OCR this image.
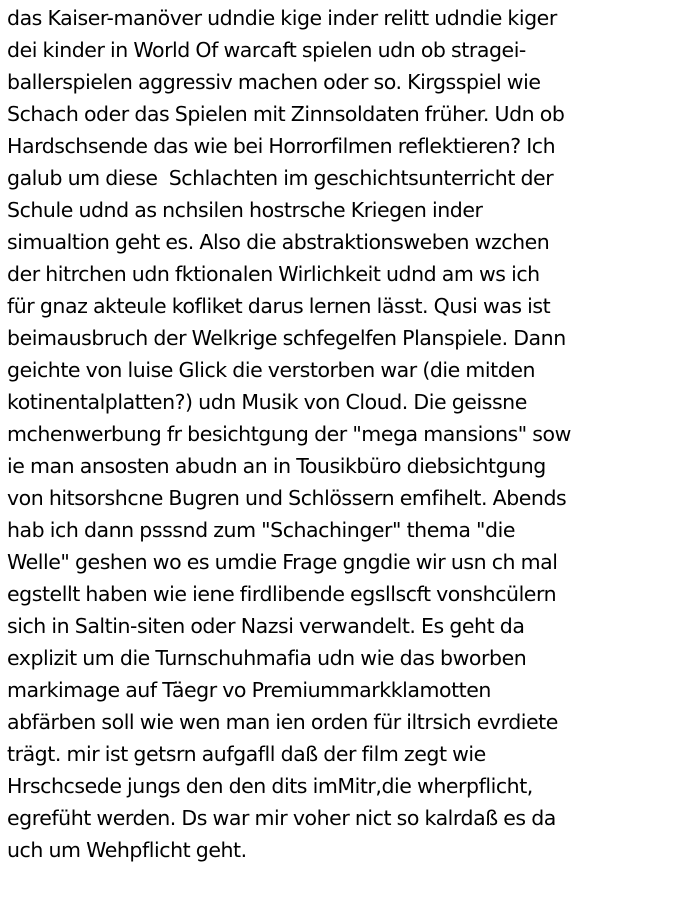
das Kaiser-manöver udndie kige inder relitt udndie kiger
dei kinder in World Of warcaft spielen udn ob stragei-
ballerspielen aggressiv machen oder so. Kirgsspiel wie
Schach oder das Spielen mit Zinnsoldaten früher. Udn ob
Hardschsende das wie bei Horrorfilmen reflektieren? Ich
galub um diese  Schlachten im geschichtsunterricht der
Schule udnd as nchsilen hostrsche Kriegen inder
simualtion geht es. Also die abstraktionsweben wzchen
der hitrchen udn fktionalen Wirlichkeit udnd am ws ich
für gnaz akteule kofliket darus lernen lässt. Qusi was ist
beimausbruch der Welkrige schfegelfen Planspiele. Dann
geichte von luise Glick die verstorben war (die mitden
kotinentalplatten?) udn Musik von Cloud. Die geissne
mchenwerbung fr besichtgung der "mega mansions" sow
ie man ansosten abudn an in Tousikbüro diebsichtgung
von hitsorshcne Bugren und Schlössern emfihelt. Abends
hab ich dann psssnd zum "Schachinger" thema "die
Welle" geshen wo es umdie Frage gngdie wir usn ch mal
egstellt haben wie iene firdlibende egsllscft vonshcülern
sich in Saltin-siten oder Nazsi verwandelt. Es geht da
explizit um die Turnschuhmafia udn wie das bworben
markimage auf Täegr vo Premiummarkklamotten
abfärben soll wie wen man ien orden für iltrsich evrdiete
trägt. mir ist getsrn aufgafll daß der film zegt wie
Hrschcsede jungs den den dits imMitr,die wherpflicht,
egrefüht werden. Ds war mir voher nict so kalrdaß es da
uch um Wehpflicht geht.
